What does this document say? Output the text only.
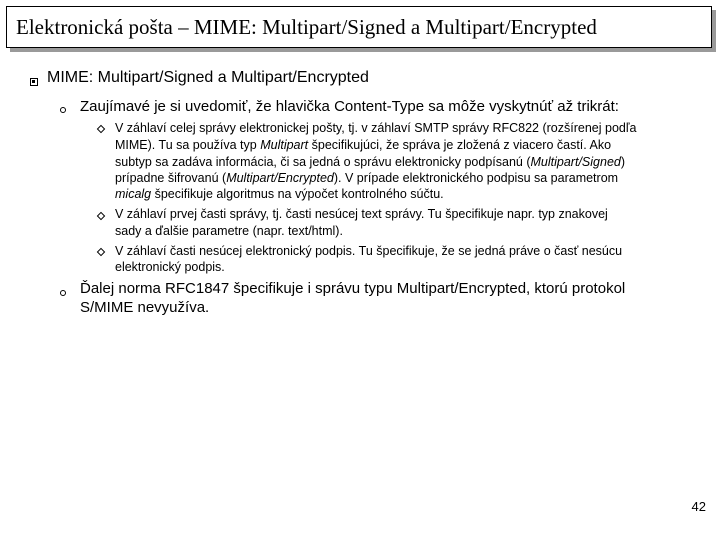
Elektronická pošta – MIME: Multipart/Signed a Multipart/Encrypted
MIME: Multipart/Signed a Multipart/Encrypted
Zaujímavé je si uvedomiť, že hlavička Content-Type sa môže vyskytnúť až trikrát:
V záhlaví celej správy elektronickej pošty, tj. v záhlaví SMTP správy RFC822 (rozšírenej podľa
MIME). Tu sa používa typ Multipart špecifikujúci, že správa je zložená z viacero častí. Ako
subtyp sa zadáva informácia, či sa jedná o správu elektronicky podpísanú (Multipart/Signed)
prípadne šifrovanú (Multipart/Encrypted). V prípade elektronického podpisu sa parametrom
micalg špecifikuje algoritmus na výpočet kontrolného súčtu.
V záhlaví prvej časti správy, tj. časti nesúcej text správy. Tu špecifikuje napr. typ znakovej
sady a ďalšie parametre (napr. text/html).
V záhlaví časti nesúcej elektronický podpis. Tu špecifikuje, že se jedná práve o časť nesúcu
elektronický podpis.
Ďalej norma RFC1847 špecifikuje i správu typu Multipart/Encrypted, ktorú protokol
S/MIME nevyužíva.
42
